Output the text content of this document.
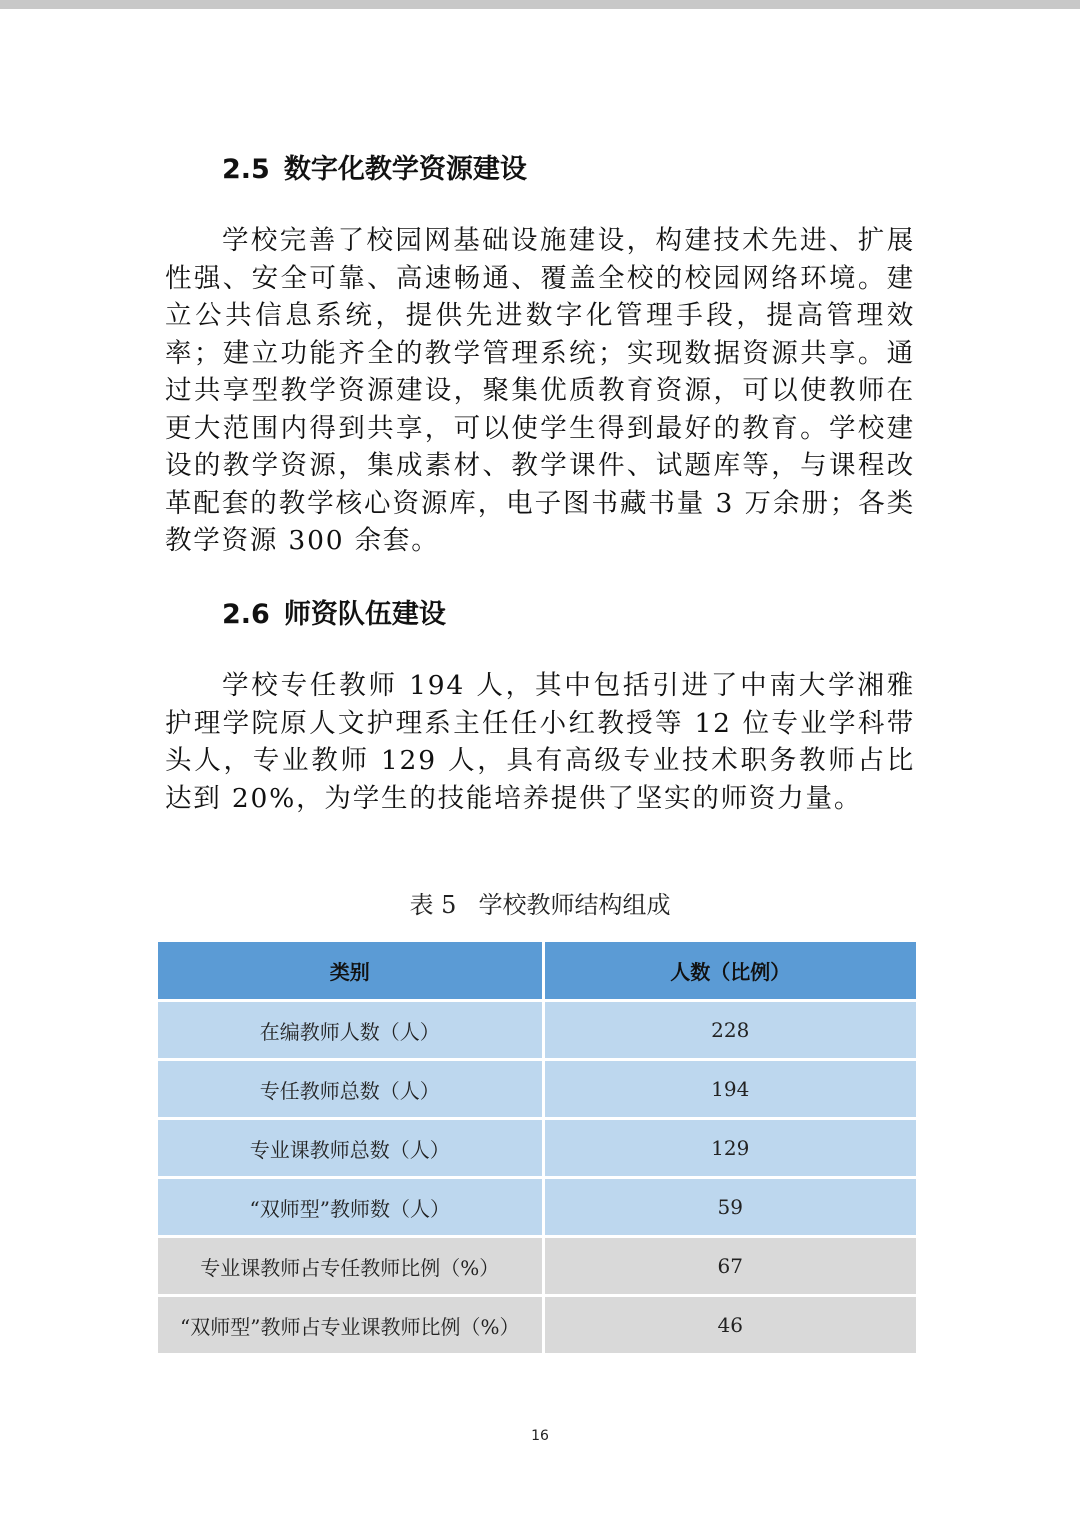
2.5 数字化教学资源建设

学校完善了校园网基础设施建设，构建技术先进、扩展性强、安全可靠、高速畅通、覆盖全校的校园网络环境。建立公共信息系统，提供先进数字化管理手段，提高管理效率；建立功能齐全的教学管理系统；实现数据资源共享。通过共享型教学资源建设，聚集优质教育资源，可以使教师在更大范围内得到共享，可以使学生得到最好的教育。学校建设的教学资源，集成素材、教学课件、试题库等，与课程改革配套的教学核心资源库，电子图书藏书量 3 万余册；各类教学资源 300 余套。

2.6 师资队伍建设

学校专任教师 194 人，其中包括引进了中南大学湘雅护理学院原人文护理系主任任小红教授等 12 位专业学科带头人，专业教师 129 人，具有高级专业技术职务教师占比达到 20%，为学生的技能培养提供了坚实的师资力量。

表 5 学校教师结构组成
类别	人数（比例）
在编教师人数（人）	228
专任教师总数（人）	194
专业课教师总数（人）	129
“双师型”教师数（人）	59
专业课教师占专任教师比例（%）	67
“双师型”教师占专业课教师比例（%）	46
16
